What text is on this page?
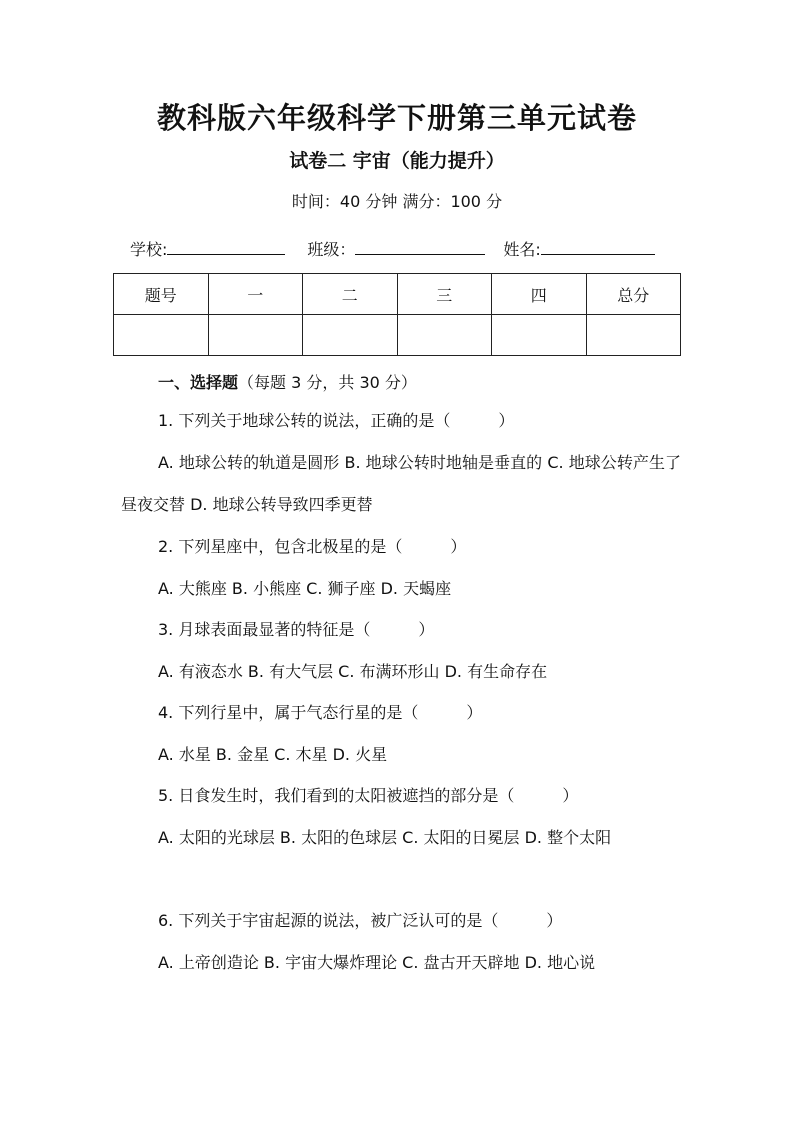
教科版六年级科学下册第三单元试卷
试卷二 宇宙（能力提升）
时间：40 分钟 满分：100 分
学校:	班级：	姓名:
题号	一	二	三	四	总分

一、选择题（每题 3 分，共 30 分）

1. 下列关于地球公转的说法，正确的是（　　　）

A. 地球公转的轨道是圆形 B. 地球公转时地轴是垂直的 C. 地球公转产生了昼夜交替 D. 地球公转导致四季更替

2. 下列星座中，包含北极星的是（　　　）

A. 大熊座 B. 小熊座 C. 狮子座 D. 天蝎座

3. 月球表面最显著的特征是（　　　）

A. 有液态水 B. 有大气层 C. 布满环形山 D. 有生命存在

4. 下列行星中，属于气态行星的是（　　　）

A. 水星 B. 金星 C. 木星 D. 火星

5. 日食发生时，我们看到的太阳被遮挡的部分是（　　　）

A. 太阳的光球层 B. 太阳的色球层 C. 太阳的日冕层 D. 整个太阳

6. 下列关于宇宙起源的说法，被广泛认可的是（　　　）

A. 上帝创造论 B. 宇宙大爆炸理论 C. 盘古开天辟地 D. 地心说
